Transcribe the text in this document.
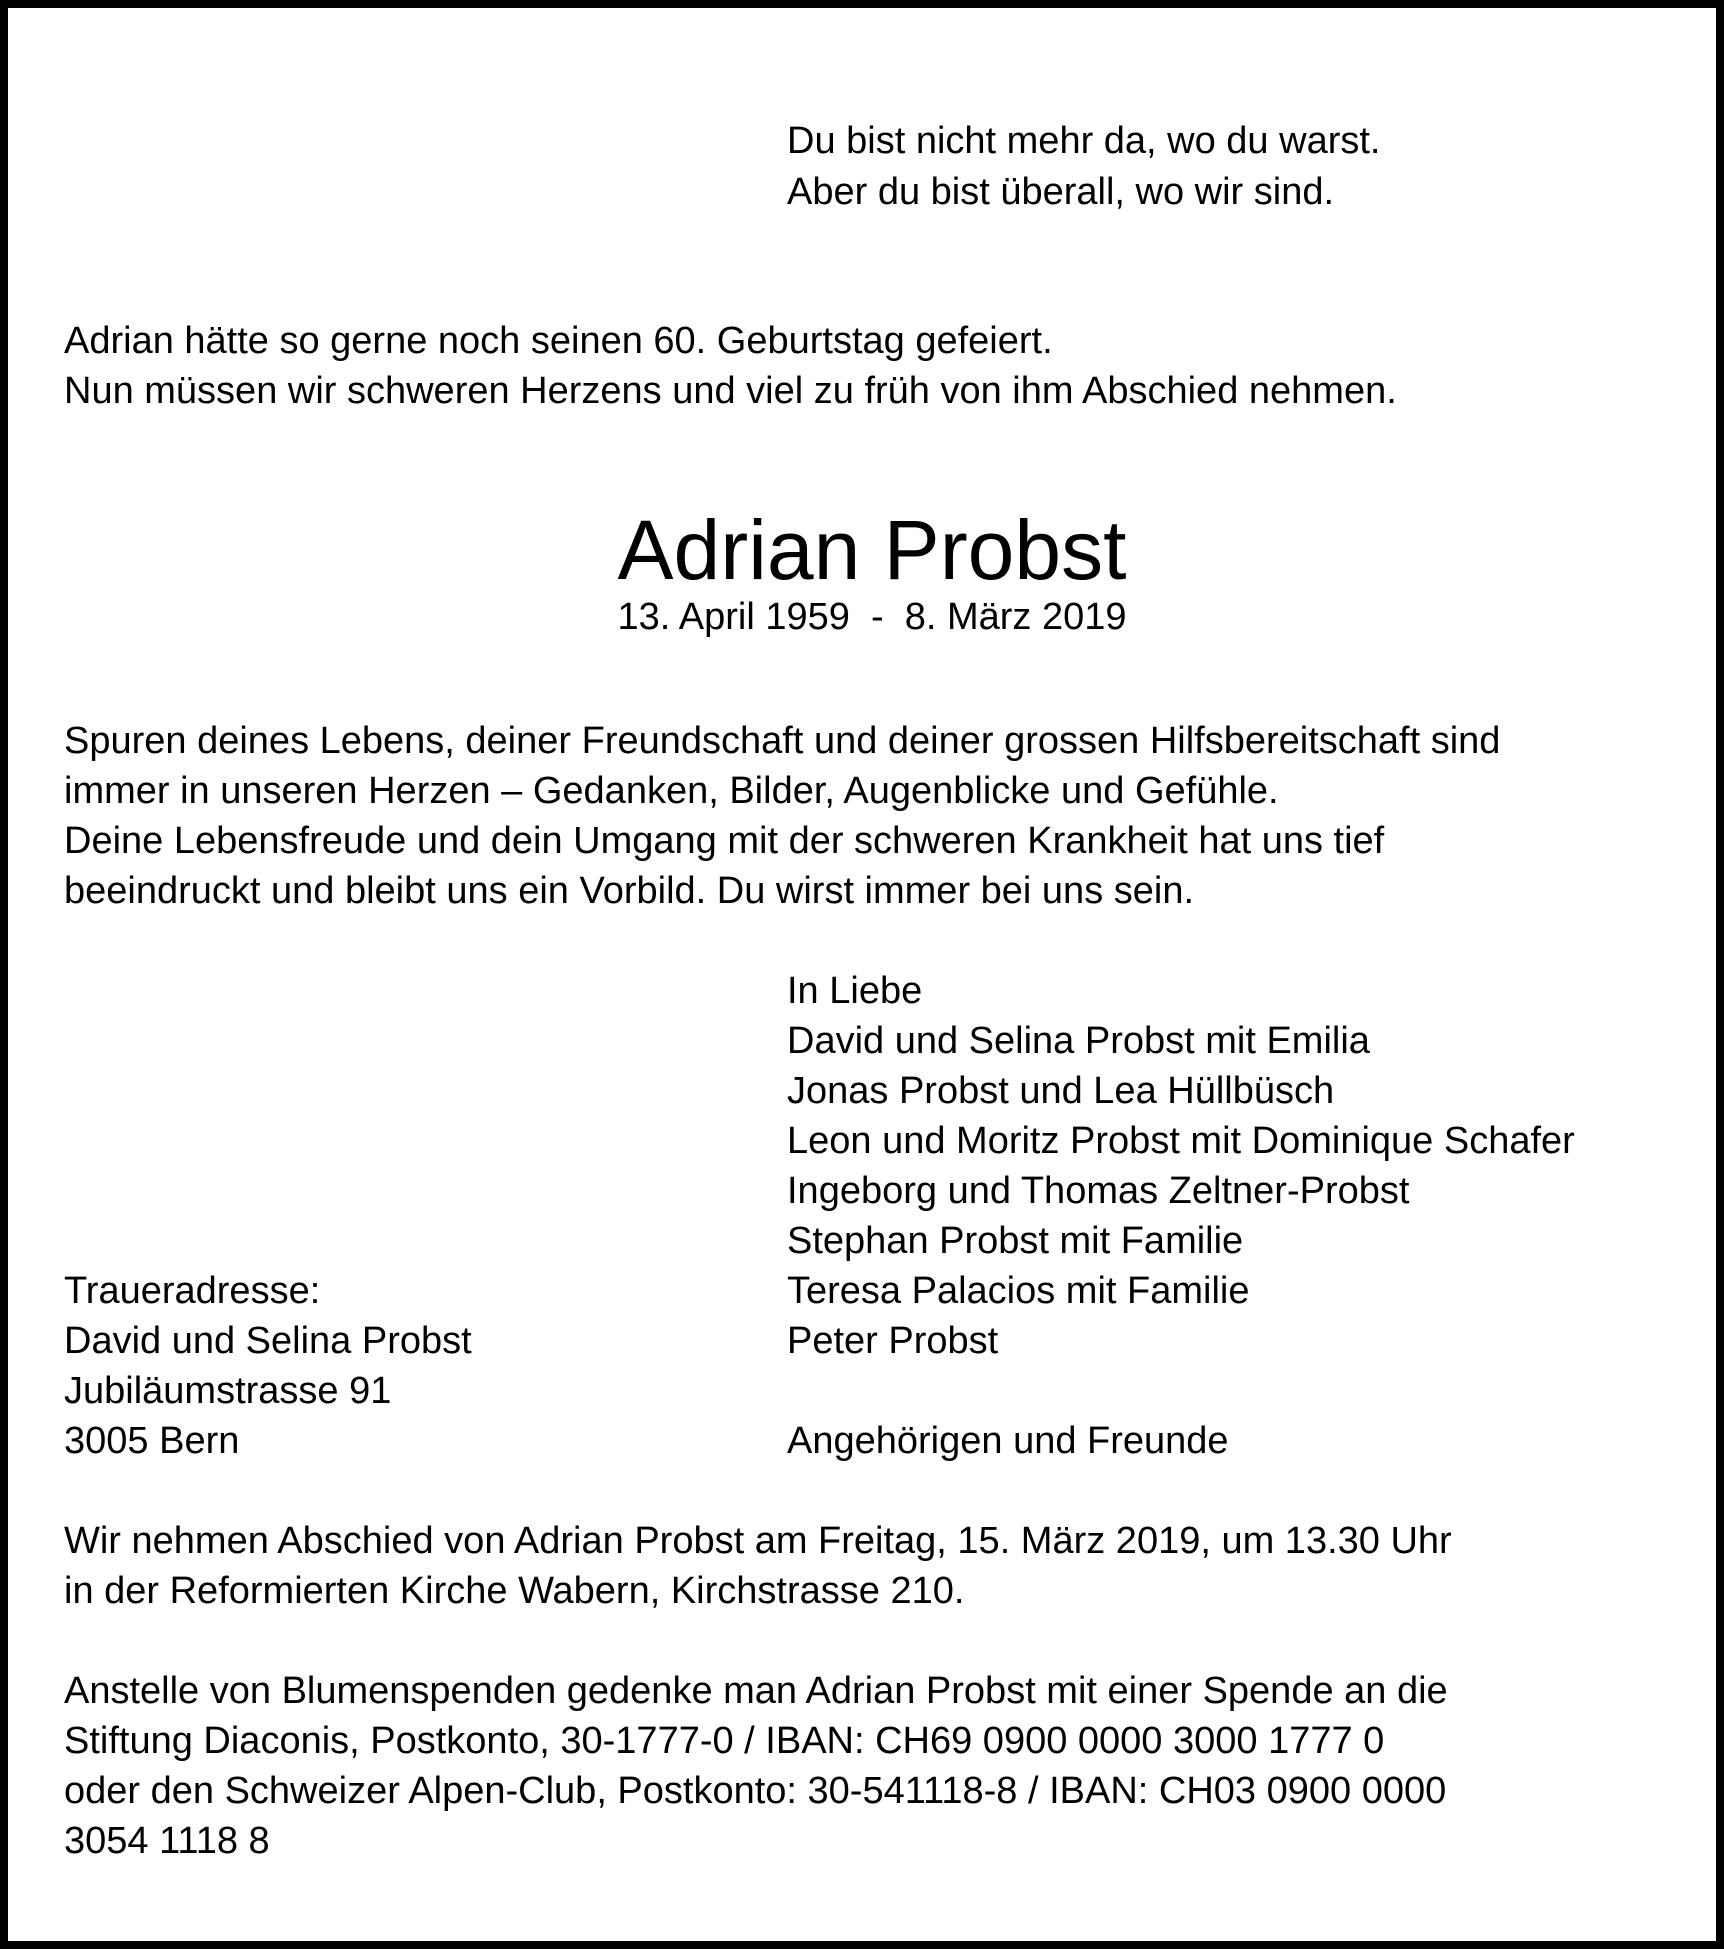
Du bist nicht mehr da, wo du warst.
Aber du bist überall, wo wir sind.
Adrian hätte so gerne noch seinen 60. Geburtstag gefeiert.
Nun müssen wir schweren Herzens und viel zu früh von ihm Abschied nehmen.
Adrian Probst
13. April 1959  -  8. März 2019
Spuren deines Lebens, deiner Freundschaft und deiner grossen Hilfsbereitschaft sind
immer in unseren Herzen – Gedanken, Bilder, Augenblicke und Gefühle.
Deine Lebensfreude und dein Umgang mit der schweren Krankheit hat uns tief
beeindruckt und bleibt uns ein Vorbild. Du wirst immer bei uns sein.
In Liebe
David und Selina Probst mit Emilia
Jonas Probst und Lea Hüllbüsch
Leon und Moritz Probst mit Dominique Schafer
Ingeborg und Thomas Zeltner-Probst
Stephan Probst mit Familie
Teresa Palacios mit Familie
Peter Probst
Angehörigen und Freunde
Traueradresse:
David und Selina Probst
Jubiläumstrasse 91
3005 Bern
Wir nehmen Abschied von Adrian Probst am Freitag, 15. März 2019, um 13.30 Uhr
in der Reformierten Kirche Wabern, Kirchstrasse 210.
Anstelle von Blumenspenden gedenke man Adrian Probst mit einer Spende an die
Stiftung Diaconis, Postkonto, 30-1777-0 / IBAN: CH69 0900 0000 3000 1777 0
oder den Schweizer Alpen-Club, Postkonto: 30-541118-8 / IBAN: CH03 0900 0000
3054 1118 8
